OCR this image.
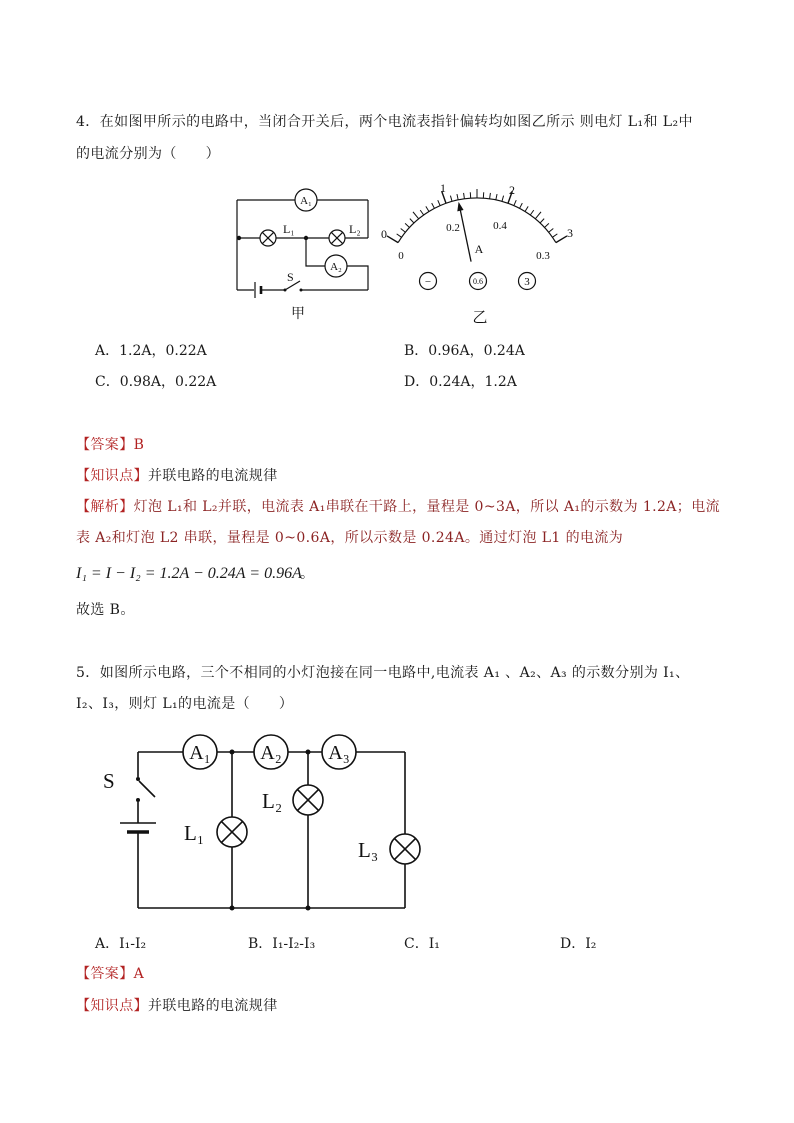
4．在如图甲所示的电路中，当闭合开关后，两个电流表指针偏转均如图乙所示 则电灯 L₁和 L₂中
的电流分别为（　　）
A₁
L₁	L₂
A₂
S
甲
0
1	2
3
0
0.2	0.4
0.3
A
−	0.6	3
乙
A．1.2A，0.22A	B．0.96A，0.24A
C．0.98A，0.22A	D．0.24A，1.2A
【答案】B
【知识点】并联电路的电流规律
【解析】灯泡 L₁和 L₂并联，电流表 A₁串联在干路上，量程是 0~3A，所以 A₁的示数为 1.2A；电流
表 A₂和灯泡 L2 串联，量程是 0~0.6A，所以示数是 0.24A。通过灯泡 L1 的电流为
I₁ = I − I₂ = 1.2A − 0.24A = 0.96A
。
故选 B。
5．如图所示电路，三个不相同的小灯泡接在同一电路中,电流表 A₁ 、A₂、A₃ 的示数分别为 I₁、
I₂、I₃，则灯 L₁的电流是（　　）
A₁ A₂ A₃
S
L₁
L₂
L₃
A．I₁-I₂	B．I₁-I₂-I₃	C．I₁	D．I₂
【答案】A
【知识点】并联电路的电流规律
